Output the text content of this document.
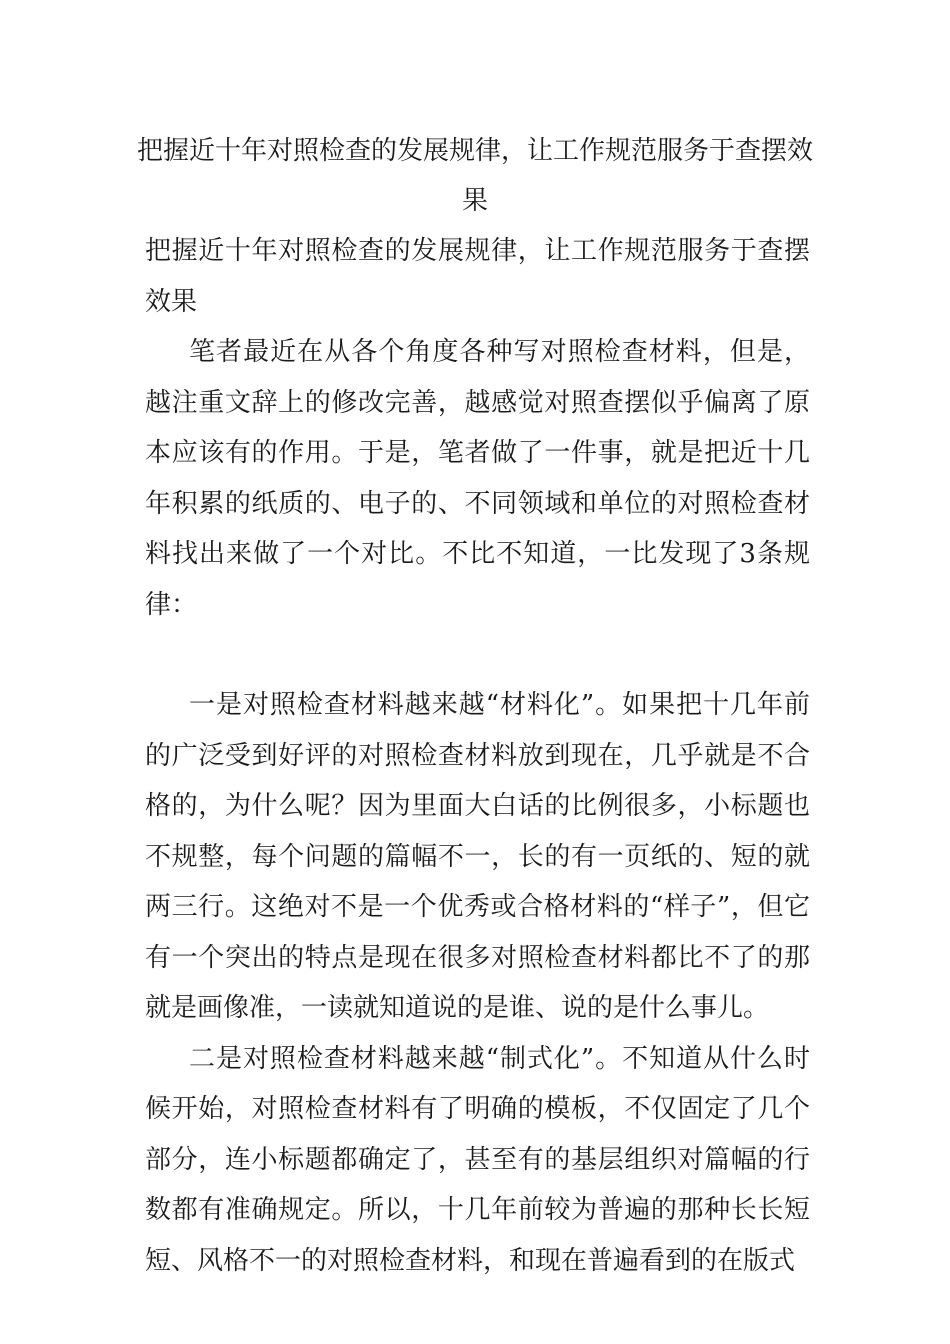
把握近十年对照检查的发展规律，让工作规范服务于查摆效果

把握近十年对照检查的发展规律，让工作规范服务于查摆效果

笔者最近在从各个角度各种写对照检查材料，但是，越注重文辞上的修改完善，越感觉对照查摆似乎偏离了原本应该有的作用。于是，笔者做了一件事，就是把近十几年积累的纸质的、电子的、不同领域和单位的对照检查材料找出来做了一个对比。不比不知道，一比发现了3条规律：

一是对照检查材料越来越“材料化”。如果把十几年前的广泛受到好评的对照检查材料放到现在，几乎就是不合格的，为什么呢？因为里面大白话的比例很多，小标题也不规整，每个问题的篇幅不一，长的有一页纸的、短的就两三行。这绝对不是一个优秀或合格材料的“样子”，但它有一个突出的特点是现在很多对照检查材料都比不了的那就是画像准，一读就知道说的是谁、说的是什么事儿。

二是对照检查材料越来越“制式化”。不知道从什么时候开始，对照检查材料有了明确的模板，不仅固定了几个部分，连小标题都确定了，甚至有的基层组织对篇幅的行数都有准确规定。所以，十几年前较为普遍的那种长长短短、风格不一的对照检查材料，和现在普遍看到的在版式
